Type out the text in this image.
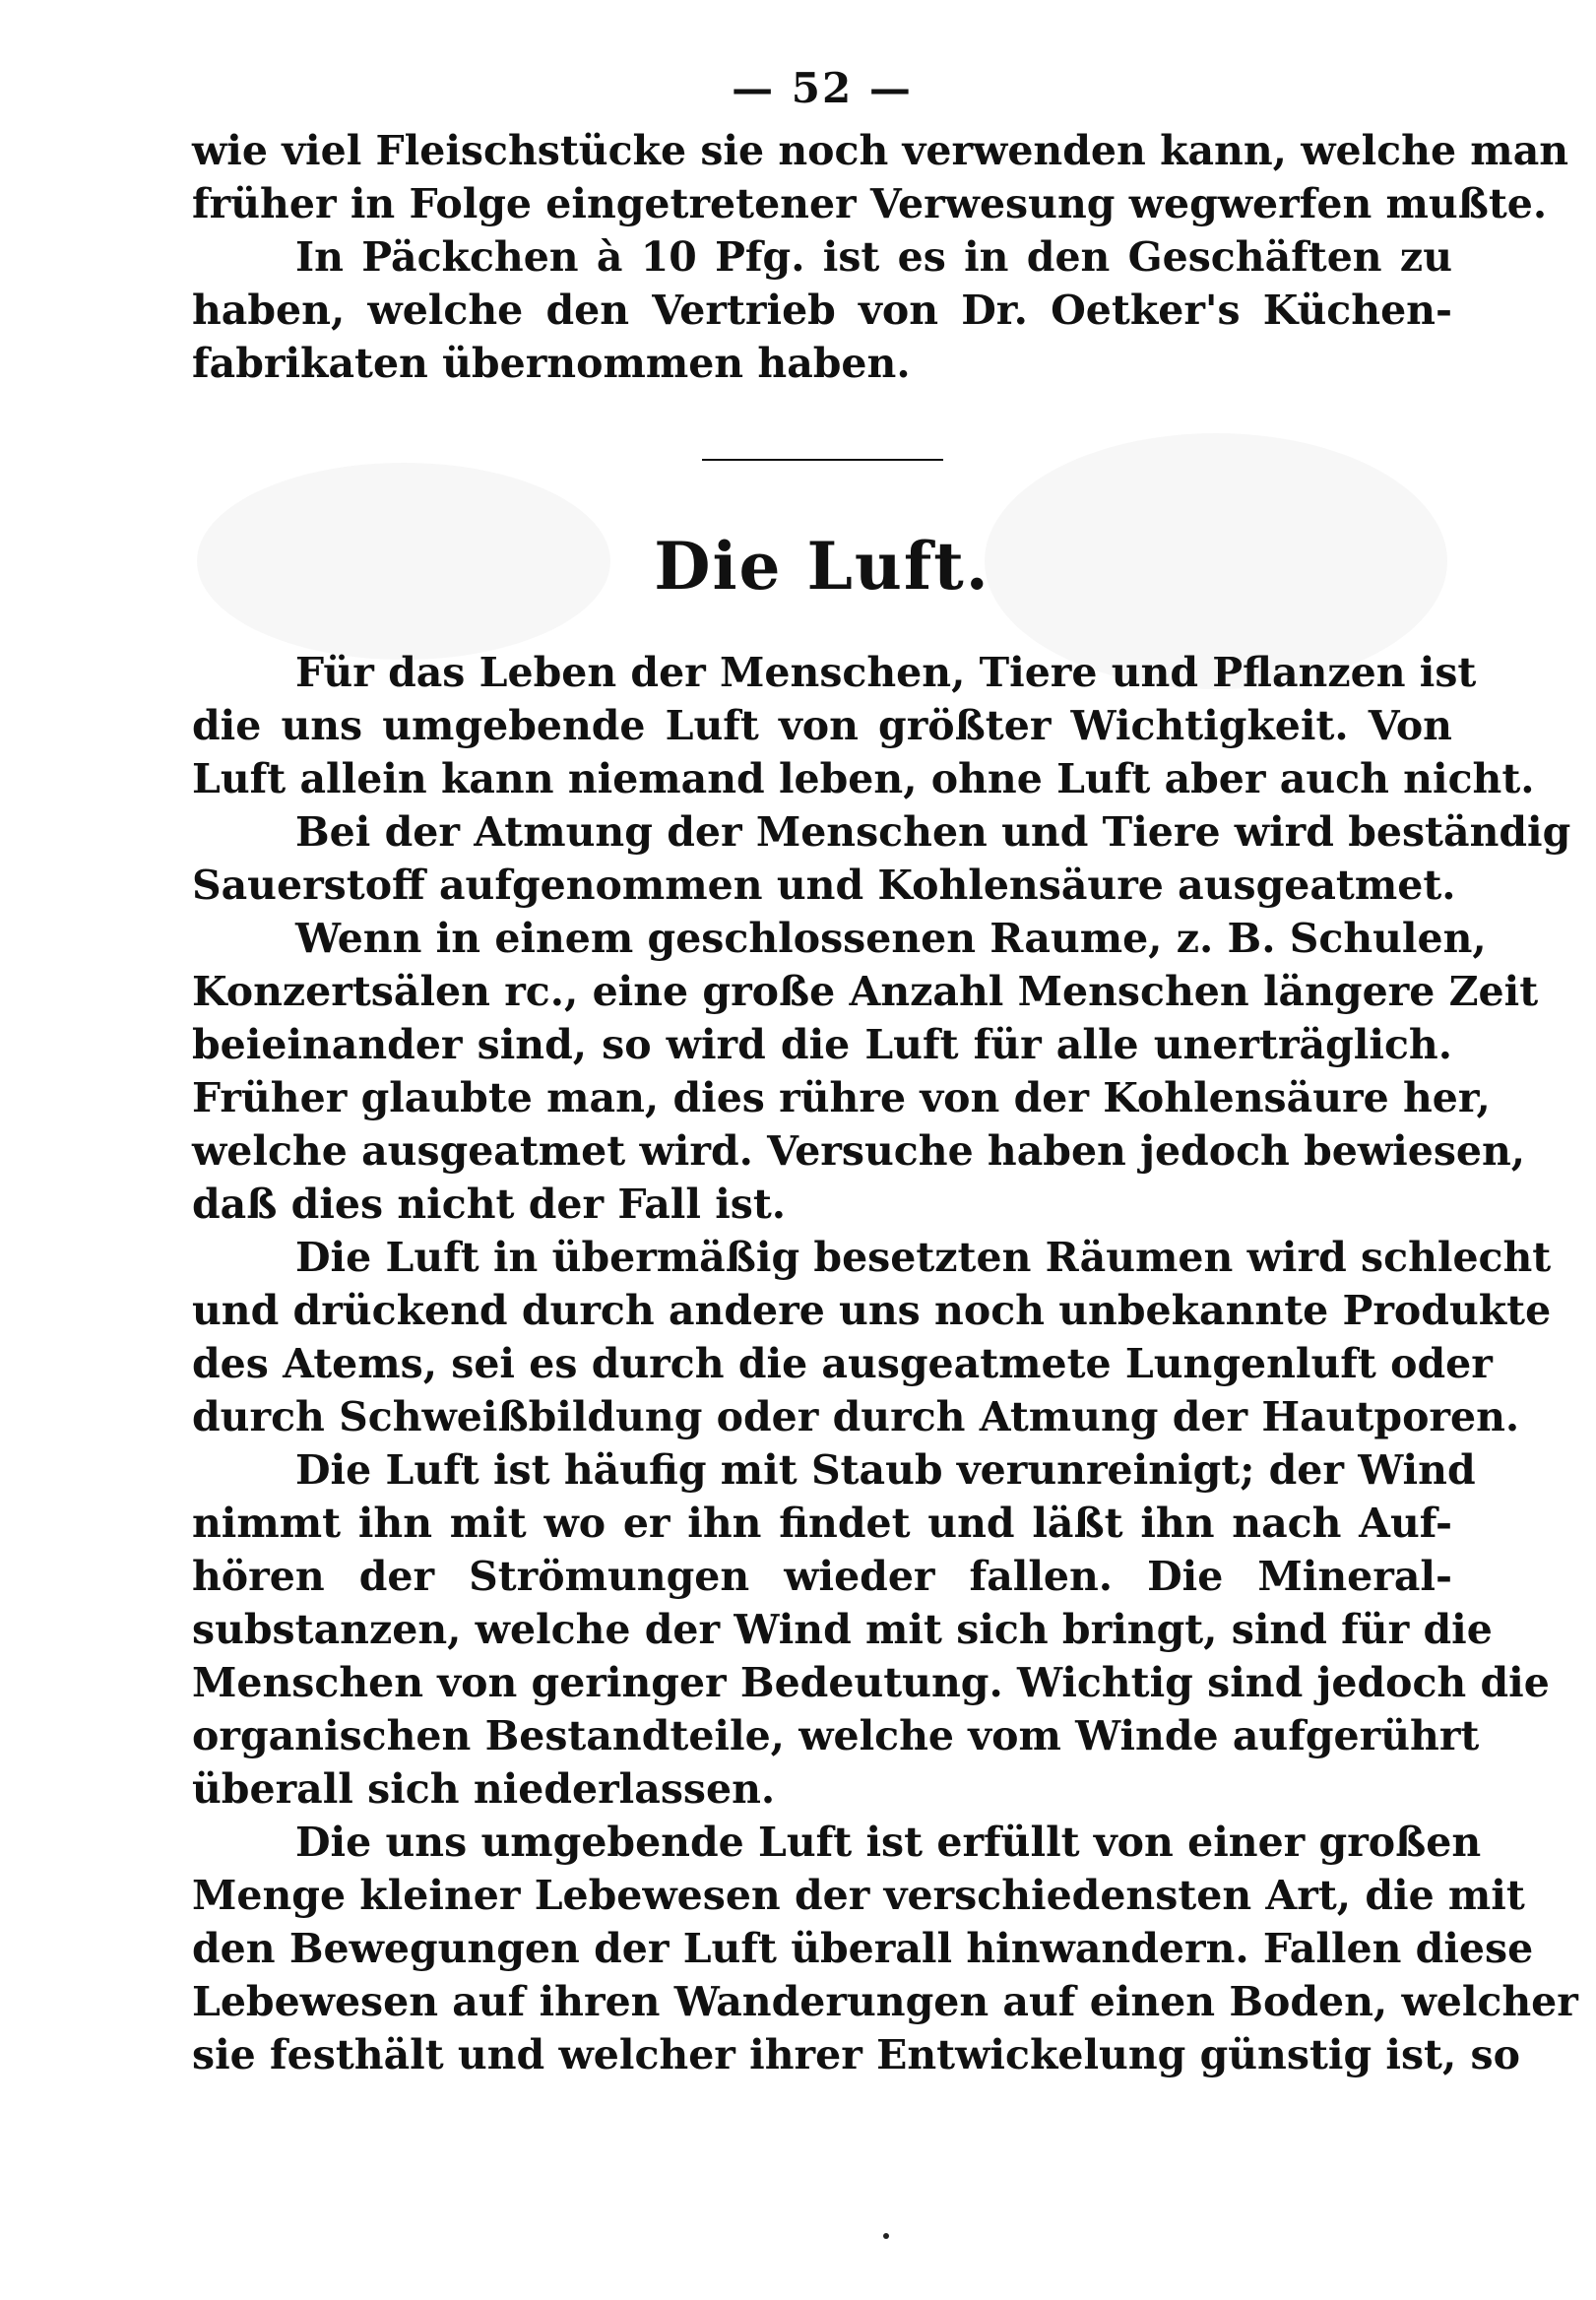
— 52 —
wie viel Fleischstücke sie noch verwenden kann, welche man
früher in Folge eingetretener Verwesung wegwerfen mußte.
In Päckchen à 10 Pfg. ist es in den Geschäften zu
haben, welche den Vertrieb von Dr. Oetker's Küchen-
fabrikaten übernommen haben.
Die Luft.
Für das Leben der Menschen, Tiere und Pflanzen ist
die uns umgebende Luft von größter Wichtigkeit. Von
Luft allein kann niemand leben, ohne Luft aber auch nicht.
Bei der Atmung der Menschen und Tiere wird beständig
Sauerstoff aufgenommen und Kohlensäure ausgeatmet.
Wenn in einem geschlossenen Raume, z. B. Schulen,
Konzertsälen rc., eine große Anzahl Menschen längere Zeit
beieinander sind, so wird die Luft für alle unerträglich.
Früher glaubte man, dies rühre von der Kohlensäure her,
welche ausgeatmet wird. Versuche haben jedoch bewiesen,
daß dies nicht der Fall ist.
Die Luft in übermäßig besetzten Räumen wird schlecht
und drückend durch andere uns noch unbekannte Produkte
des Atems, sei es durch die ausgeatmete Lungenluft oder
durch Schweißbildung oder durch Atmung der Hautporen.
Die Luft ist häufig mit Staub verunreinigt; der Wind
nimmt ihn mit wo er ihn findet und läßt ihn nach Auf-
hören der Strömungen wieder fallen. Die Mineral-
substanzen, welche der Wind mit sich bringt, sind für die
Menschen von geringer Bedeutung. Wichtig sind jedoch die
organischen Bestandteile, welche vom Winde aufgerührt
überall sich niederlassen.
Die uns umgebende Luft ist erfüllt von einer großen
Menge kleiner Lebewesen der verschiedensten Art, die mit
den Bewegungen der Luft überall hinwandern. Fallen diese
Lebewesen auf ihren Wanderungen auf einen Boden, welcher
sie festhält und welcher ihrer Entwickelung günstig ist, so
